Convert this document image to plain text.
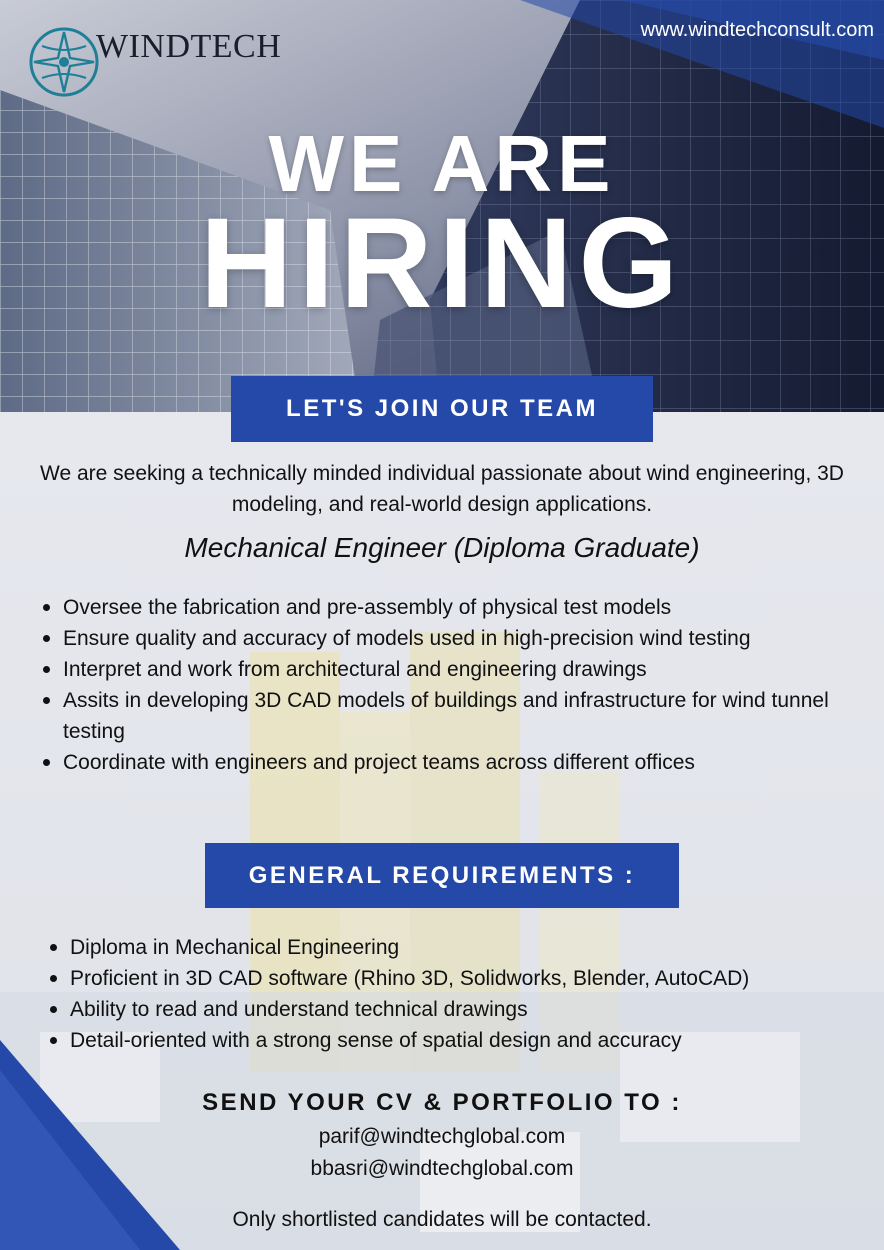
WINDTECH	www.windtechconsult.com
WE ARE
HIRING
LET'S JOIN OUR TEAM
We are seeking a technically minded individual passionate about wind engineering, 3D modeling, and real-world design applications.
Mechanical Engineer (Diploma Graduate)
Oversee the fabrication and pre-assembly of physical test models
Ensure quality and accuracy of models used in high-precision wind testing
Interpret and work from architectural and engineering drawings
Assits in developing 3D CAD models of buildings and infrastructure for wind tunnel testing
Coordinate with engineers and project teams across different offices
GENERAL REQUIREMENTS :
Diploma in Mechanical Engineering
Proficient in 3D CAD software (Rhino 3D, Solidworks, Blender, AutoCAD)
Ability to read and understand technical drawings
Detail-oriented with a strong sense of spatial design and accuracy
SEND YOUR CV & PORTFOLIO TO :
parif@windtechglobal.com
bbasri@windtechglobal.com
Only shortlisted candidates will be contacted.
